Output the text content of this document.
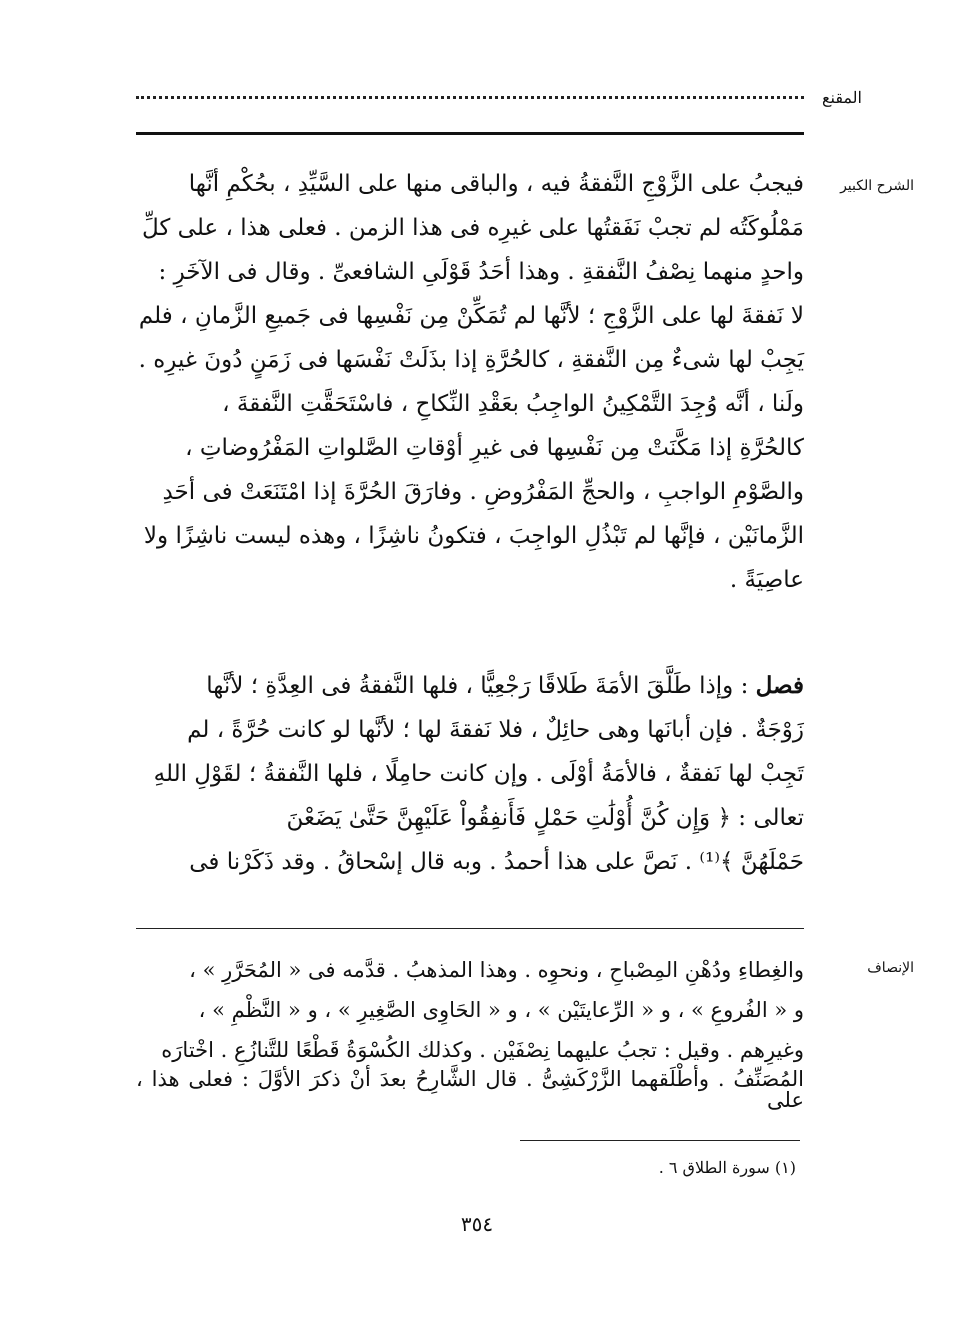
المقنع
الشرح الكبير
الإنصاف
فيجبُ على الزَّوْجِ النَّفقةُ فيه ، والباقى منها على السَّيِّدِ ، بحُكْمِ أنَّها
مَمْلُوكَتُه لم تجبْ نَفَقتُها على غيرِه فى هذا الزمن . فعلى هذا ، على كلِّ
واحدٍ منهما نِصْفُ النَّفقةِ . وهذا أحَدُ قَوْلَىِ الشافعىِّ . وقال فى الآخَرِ :
لا نَفقةَ لها على الزَّوْجِ ؛ لأنَّها لم تُمَكِّنْ مِن نَفْسِها فى جَميعِ الزَّمانِ ، فلم
يَجِبْ لها شىءٌ مِن النَّفقةِ ، كالحُرَّةِ إذا بذَلَتْ نَفْسَها فى زَمَنٍ دُونَ غيرِه .
ولَنا ، أنَّه وُجِدَ التَّمْكِينُ الواجِبُ بعَقْدِ النِّكاحِ ، فاسْتَحَقَّتِ النَّفقةَ ،
كالحُرَّةِ إذا مَكَّنَتْ مِن نَفْسِها فى غيرِ أوْقاتِ الصَّلواتِ المَفْرُوضاتِ ،
والصَّوْمِ الواجبِ ، والحجِّ المَفْرُوضِ . وفارَقَ الحُرَّةَ إذا امْتَنَعَتْ فى أحَدِ
الزَّمانَيْن ، فإنَّها لم تَبْذُلِ الواجِبَ ، فتكونُ ناشِزًا ، وهذه ليست ناشِزًا ولا
عاصِيَةً .
فصل : وإذا طَلَّقَ الأمَةَ طَلاقًا رَجْعِيًّا ، فلها النَّفقةُ فى العِدَّةِ ؛ لأنَّها
زَوْجَةٌ . فإن أبانَها وهى حائِلٌ ، فلا نَفقةَ لها ؛ لأنَّها لو كانت حُرَّةً ، لم
تَجِبْ لها نَفقةٌ ، فالأمَةُ أوْلَى . وإن كانت حامِلًا ، فلها النَّفقةُ ؛ لقَوْلِ اللهِ
تعالى : ﴿ وَإِن كُنَّ أُوْلَٰتِ حَمْلٍ فَأَنفِقُواْ عَلَيْهِنَّ حَتَّىٰ يَضَعْنَ
حَمْلَهُنَّ ﴾⁽¹⁾ . نَصَّ على هذا أحمدُ . وبه قال إسْحاقُ . وقد ذَكَرْنا فى
والغِطاءِ ودُهْنِ المِصْباحِ ، ونحوِه . وهذا المذهبُ . قدَّمه فى « المُحَرَّرِ » ،
و « الفُروعِ » ، و « الرِّعايتَيْن » ، و « الحَاوِى الصَّغِيرِ » ، و « النَّظْمِ » ،
وغيرِهم . وقيل : تجبُ عليهما نِصْفَيْن . وكذلك الكُسْوَةُ قَطْعًا للتَّنازُعِ . اخْتارَه
المُصَنِّفُ . وأطْلَقهما الزَّرْكَشِىُّ . قال الشَّارِحُ بعدَ أنْ ذكرَ الأوَّلَ : فعلى هذا ، على
(١) سورة الطلاق ٦ .
٣٥٤
